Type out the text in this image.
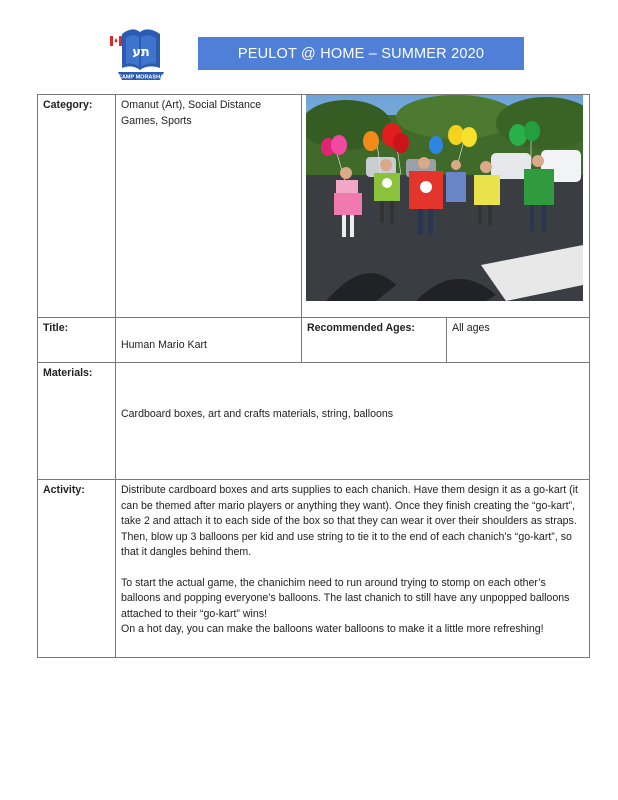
תע
CAMP MORASHA
PEULOT @ HOME – SUMMER 2020
Category:	Omanut (Art), Social Distance Games, Sports	

Title:	Human Mario Kart	Recommended Ages:	All ages
Materials:	Cardboard boxes, art and crafts materials, string, balloons		
Activity:	Distribute cardboard boxes and arts supplies to each chanich. Have them design it as a go-kart (it can be themed after mario players or anything they want). Once they finish creating the “go-kart”, take 2 and attach it to each side of the box so that they can wear it over their shoulders as straps. Then, blow up 3 balloons per kid and use string to tie it to the end of each chanich’s “go-kart”, so that it dangles behind them.

To start the actual game, the chanichim need to run around trying to stomp on each other’s balloons and popping everyone’s balloons. The last chanich to still have any unpopped balloons attached to their “go-kart” wins!

On a hot day, you can make the balloons water balloons to make it a little more refreshing!		
